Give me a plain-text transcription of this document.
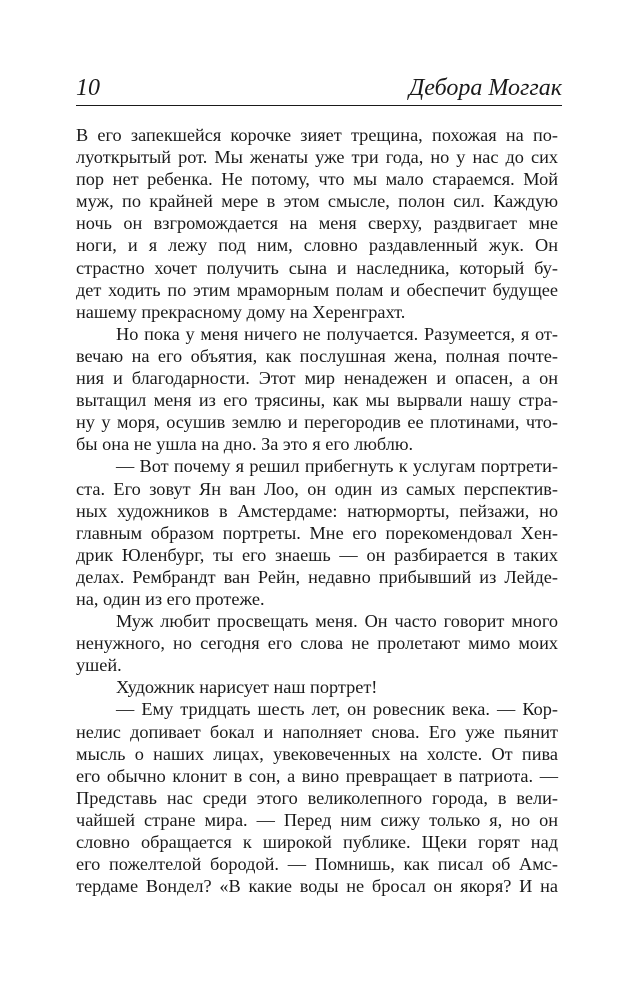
10	Дебора Моггак
В его запекшейся корочке зияет трещина, похожая на по-
луоткрытый рот. Мы женаты уже три года, но у нас до сих
пор нет ребенка. Не потому, что мы мало стараемся. Мой
муж, по крайней мере в этом смысле, полон сил. Каждую
ночь он взгромождается на меня сверху, раздвигает мне
ноги, и я лежу под ним, словно раздавленный жук. Он
страстно хочет получить сына и наследника, который бу-
дет ходить по этим мраморным полам и обеспечит будущее
нашему прекрасному дому на Херенграхт.
Но пока у меня ничего не получается. Разумеется, я от-
вечаю на его объятия, как послушная жена, полная почте-
ния и благодарности. Этот мир ненадежен и опасен, а он
вытащил меня из его трясины, как мы вырвали нашу стра-
ну у моря, осушив землю и перегородив ее плотинами, что-
бы она не ушла на дно. За это я его люблю.
— Вот почему я решил прибегнуть к услугам портрети-
ста. Его зовут Ян ван Лоо, он один из самых перспектив-
ных художников в Амстердаме: натюрморты, пейзажи, но
главным образом портреты. Мне его порекомендовал Хен-
дрик Юленбург, ты его знаешь — он разбирается в таких
делах. Рембрандт ван Рейн, недавно прибывший из Лейде-
на, один из его протеже.
Муж любит просвещать меня. Он часто говорит много
ненужного, но сегодня его слова не пролетают мимо моих
ушей.
Художник нарисует наш портрет!
— Ему тридцать шесть лет, он ровесник века. — Кор-
нелис допивает бокал и наполняет снова. Его уже пьянит
мысль о наших лицах, увековеченных на холсте. От пива
его обычно клонит в сон, а вино превращает в патриота. —
Представь нас среди этого великолепного города, в вели-
чайшей стране мира. — Перед ним сижу только я, но он
словно обращается к широкой публике. Щеки горят над
его пожелтелой бородой. — Помнишь, как писал об Амс-
тердаме Вондел? «В какие воды не бросал он якоря? И на
